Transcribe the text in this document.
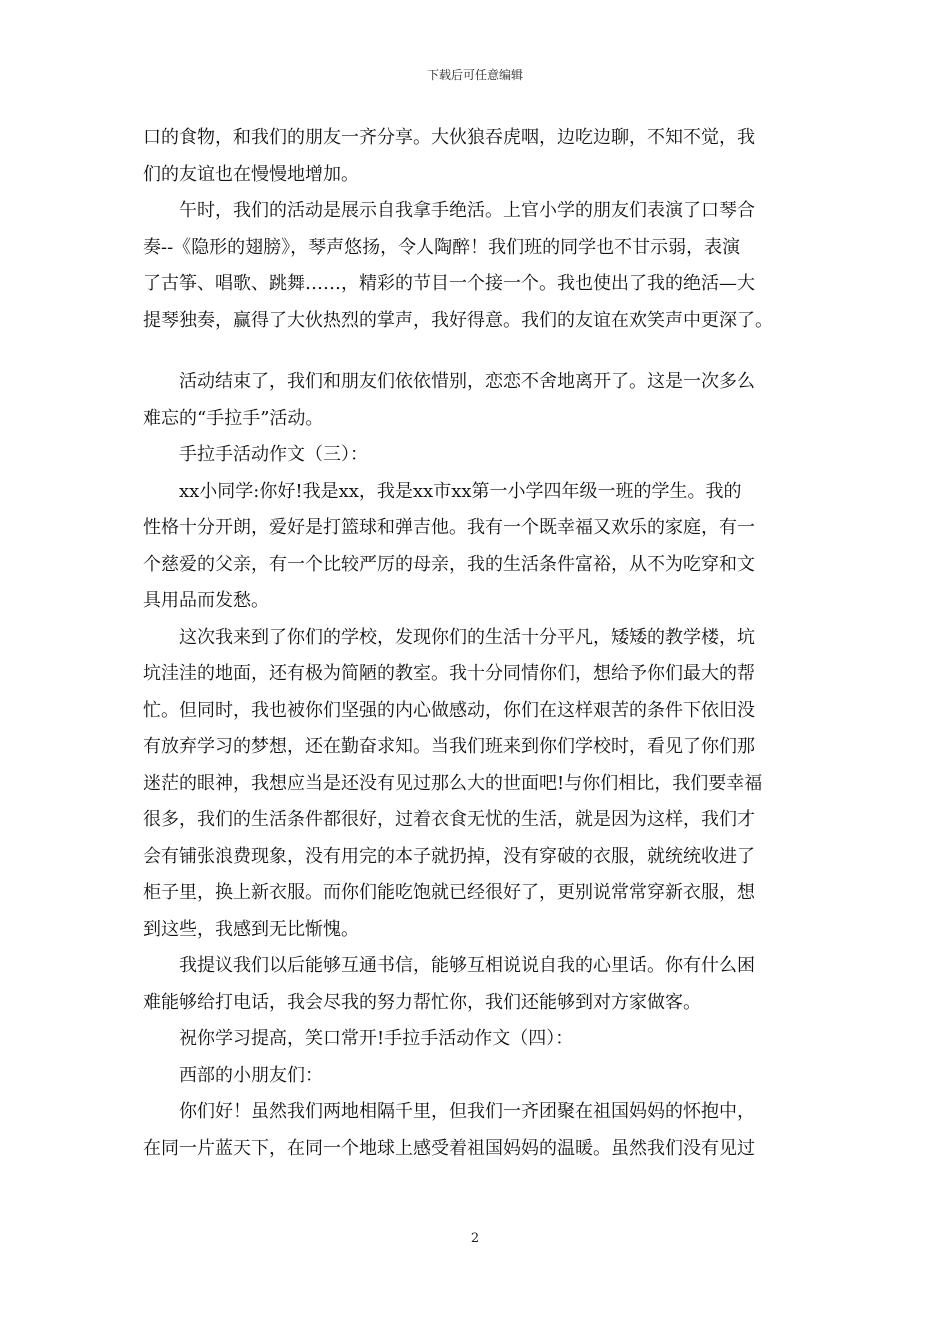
下载后可任意编辑

口的食物，和我们的朋友一齐分享。大伙狼吞虎咽，边吃边聊，不知不觉，我

们的友谊也在慢慢地增加。

午时，我们的活动是展示自我拿手绝活。上官小学的朋友们表演了口琴合

奏--《隐形的翅膀》，琴声悠扬，令人陶醉！我们班的同学也不甘示弱，表演

了古筝、唱歌、跳舞……，精彩的节目一个接一个。我也使出了我的绝活—大

提琴独奏，赢得了大伙热烈的掌声，我好得意。我们的友谊在欢笑声中更深了。

活动结束了，我们和朋友们依依惜别，恋恋不舍地离开了。这是一次多么

难忘的“手拉手”活动。

手拉手活动作文（三）：

xx小同学:你好!我是xx，我是xx市xx第一小学四年级一班的学生。我的

性格十分开朗，爱好是打篮球和弹吉他。我有一个既幸福又欢乐的家庭，有一

个慈爱的父亲，有一个比较严厉的母亲，我的生活条件富裕，从不为吃穿和文

具用品而发愁。

这次我来到了你们的学校，发现你们的生活十分平凡，矮矮的教学楼，坑

坑洼洼的地面，还有极为简陋的教室。我十分同情你们，想给予你们最大的帮

忙。但同时，我也被你们坚强的内心做感动，你们在这样艰苦的条件下依旧没

有放弃学习的梦想，还在勤奋求知。当我们班来到你们学校时，看见了你们那

迷茫的眼神，我想应当是还没有见过那么大的世面吧!与你们相比，我们要幸福

很多，我们的生活条件都很好，过着衣食无忧的生活，就是因为这样，我们才

会有铺张浪费现象，没有用完的本子就扔掉，没有穿破的衣服，就统统收进了

柜子里，换上新衣服。而你们能吃饱就已经很好了，更别说常常穿新衣服，想

到这些，我感到无比惭愧。

我提议我们以后能够互通书信，能够互相说说自我的心里话。你有什么困

难能够给打电话，我会尽我的努力帮忙你，我们还能够到对方家做客。

祝你学习提高，笑口常开!手拉手活动作文（四）：

西部的小朋友们：

你们好！虽然我们两地相隔千里，但我们一齐团聚在祖国妈妈的怀抱中，

在同一片蓝天下，在同一个地球上感受着祖国妈妈的温暖。虽然我们没有见过

2
